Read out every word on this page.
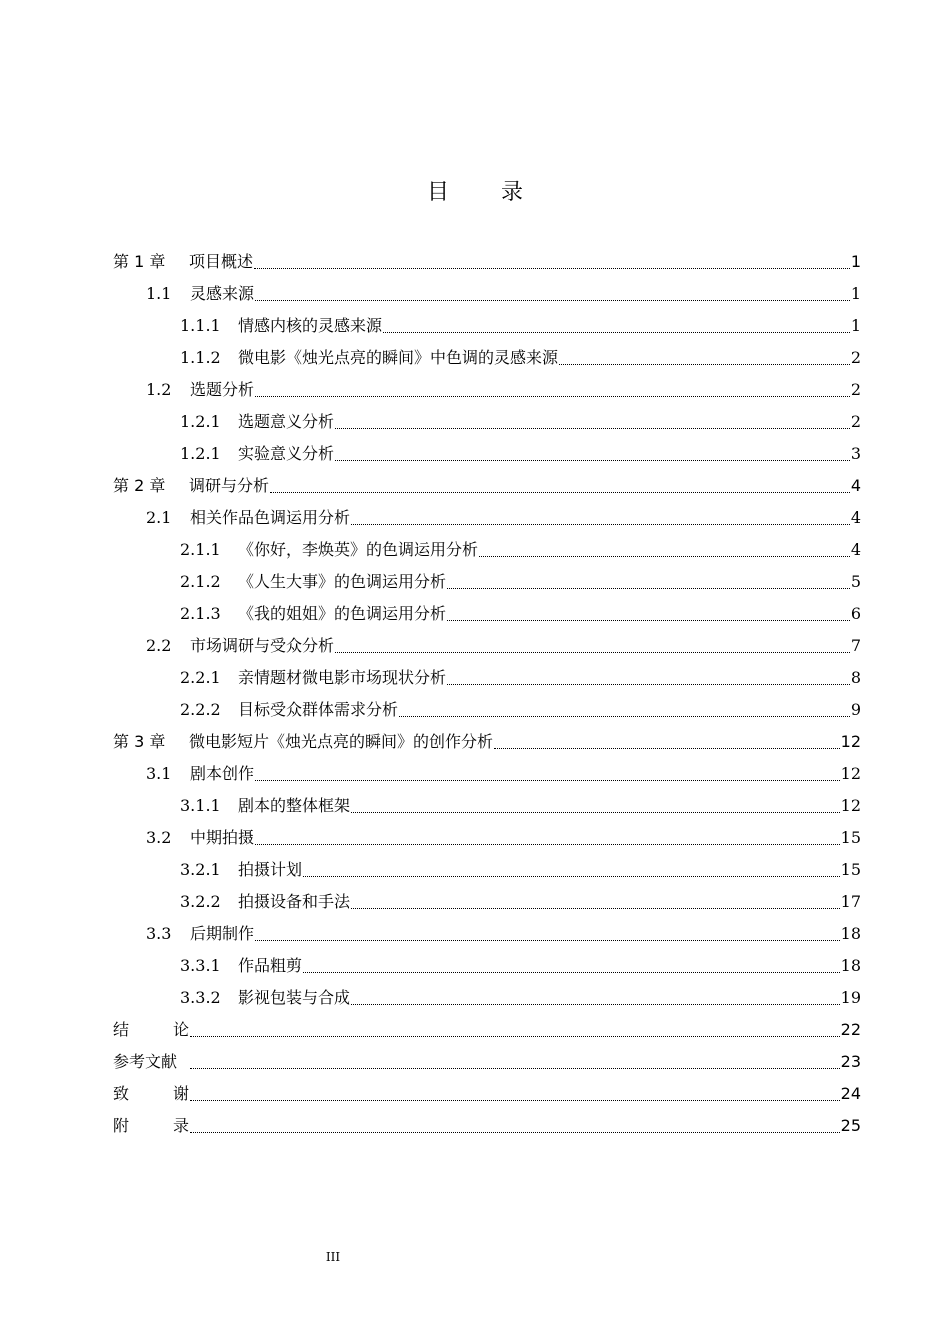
目 录
第 1 章	项目概述	1
1.1	灵感来源	1
1.1.1	情感内核的灵感来源	1
1.1.2	微电影《烛光点亮的瞬间》中色调的灵感来源	2
1.2	选题分析	2
1.2.1	选题意义分析	2
1.2.1	实验意义分析	3
第 2 章	调研与分析	4
2.1	相关作品色调运用分析	4
2.1.1	《你好，李焕英》的色调运用分析	4
2.1.2	《人生大事》的色调运用分析	5
2.1.3	《我的姐姐》的色调运用分析	6
2.2	市场调研与受众分析	7
2.2.1	亲情题材微电影市场现状分析	8
2.2.2	目标受众群体需求分析	9
第 3 章	微电影短片《烛光点亮的瞬间》的创作分析	12
3.1	剧本创作	12
3.1.1	剧本的整体框架	12
3.2	中期拍摄	15
3.2.1	拍摄计划	15
3.2.2	拍摄设备和手法	17
3.3	后期制作	18
3.3.1	作品粗剪	18
3.3.2	影视包装与合成	19
结	论	22
参考文献	23
致	谢	24
附	录	25
III
